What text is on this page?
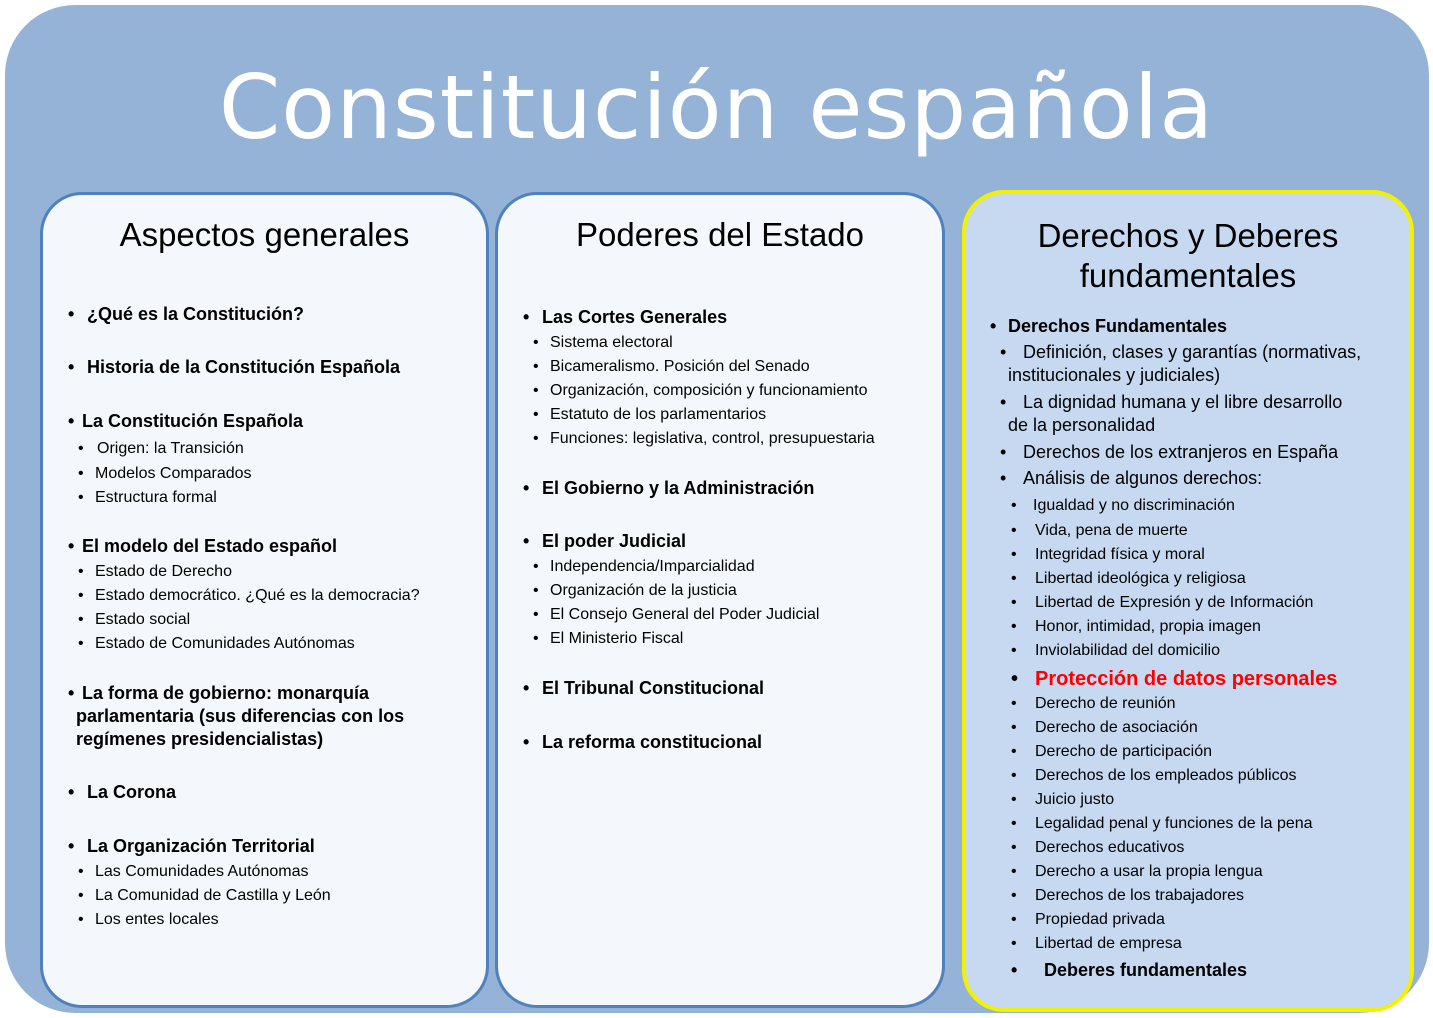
Constitución española
Aspectos generales
• ¿Qué es la Constitución?
• Historia de la Constitución Española
• La Constitución Española
• Origen: la Transición
• Modelos Comparados
• Estructura formal
• El modelo del Estado español
• Estado de Derecho
• Estado democrático. ¿Qué es la democracia?
• Estado social
• Estado de Comunidades Autónomas
• La forma de gobierno: monarquía
parlamentaria (sus diferencias con los
regímenes presidencialistas)
• La Corona
• La Organización Territorial
• Las Comunidades Autónomas
• La Comunidad de Castilla y León
• Los entes locales
Poderes del Estado
• Las Cortes Generales
• Sistema electoral
• Bicameralismo. Posición del Senado
• Organización, composición y funcionamiento
• Estatuto de los parlamentarios
• Funciones: legislativa, control, presupuestaria
• El Gobierno y la Administración
• El poder Judicial
• Independencia/Imparcialidad
• Organización de la justicia
• El Consejo General del Poder Judicial
• El Ministerio Fiscal
• El Tribunal Constitucional
• La reforma constitucional
Derechos y Deberes
fundamentales
• Derechos Fundamentales
• Definición, clases y garantías (normativas,
institucionales y judiciales)
• La dignidad humana y el libre desarrollo
de la personalidad
• Derechos de los extranjeros en España
• Análisis de algunos derechos:
• Igualdad y no discriminación
• Vida, pena de muerte
• Integridad física y moral
• Libertad ideológica y religiosa
• Libertad de Expresión y de Información
• Honor, intimidad, propia imagen
• Inviolabilidad del domicilio
• Protección de datos personales
• Derecho de reunión
• Derecho de asociación
• Derecho de participación
• Derechos de los empleados públicos
• Juicio justo
• Legalidad penal y funciones de la pena
• Derechos educativos
• Derecho a usar la propia lengua
• Derechos de los trabajadores
• Propiedad privada
• Libertad de empresa
• Deberes fundamentales
